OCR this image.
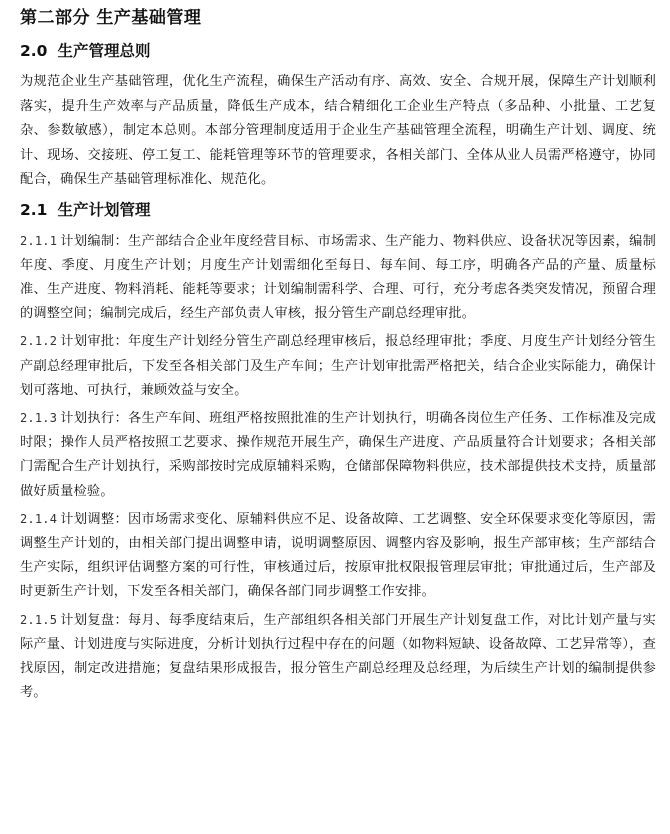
第二部分 生产基础管理
2.0 生产管理总则

为规范企业生产基础管理，优化生产流程，确保生产活动有序、高效、安全、合规开展，保障生产计划顺利落实，提升生产效率与产品质量，降低生产成本，结合精细化工企业生产特点（多品种、小批量、工艺复杂、参数敏感），制定本总则。本部分管理制度适用于企业生产基础管理全流程，明确生产计划、调度、统计、现场、交接班、停工复工、能耗管理等环节的管理要求，各相关部门、全体从业人员需严格遵守，协同配合，确保生产基础管理标准化、规范化。

2.1 生产计划管理

2.1.1 计划编制：生产部结合企业年度经营目标、市场需求、生产能力、物料供应、设备状况等因素，编制年度、季度、月度生产计划；月度生产计划需细化至每日、每车间、每工序，明确各产品的产量、质量标准、生产进度、物料消耗、能耗等要求；计划编制需科学、合理、可行，充分考虑各类突发情况，预留合理的调整空间；编制完成后，经生产部负责人审核，报分管生产副总经理审批。

2.1.2 计划审批：年度生产计划经分管生产副总经理审核后，报总经理审批；季度、月度生产计划经分管生产副总经理审批后，下发至各相关部门及生产车间；生产计划审批需严格把关，结合企业实际能力，确保计划可落地、可执行，兼顾效益与安全。

2.1.3 计划执行：各生产车间、班组严格按照批准的生产计划执行，明确各岗位生产任务、工作标准及完成时限；操作人员严格按照工艺要求、操作规范开展生产，确保生产进度、产品质量符合计划要求；各相关部门需配合生产计划执行，采购部按时完成原辅料采购，仓储部保障物料供应，技术部提供技术支持，质量部做好质量检验。

2.1.4 计划调整：因市场需求变化、原辅料供应不足、设备故障、工艺调整、安全环保要求变化等原因，需调整生产计划的，由相关部门提出调整申请，说明调整原因、调整内容及影响，报生产部审核；生产部结合生产实际，组织评估调整方案的可行性，审核通过后，按原审批权限报管理层审批；审批通过后，生产部及时更新生产计划，下发至各相关部门，确保各部门同步调整工作安排。

2.1.5 计划复盘：每月、每季度结束后，生产部组织各相关部门开展生产计划复盘工作，对比计划产量与实际产量、计划进度与实际进度，分析计划执行过程中存在的问题（如物料短缺、设备故障、工艺异常等），查找原因，制定改进措施；复盘结果形成报告，报分管生产副总经理及总经理，为后续生产计划的编制提供参考。
